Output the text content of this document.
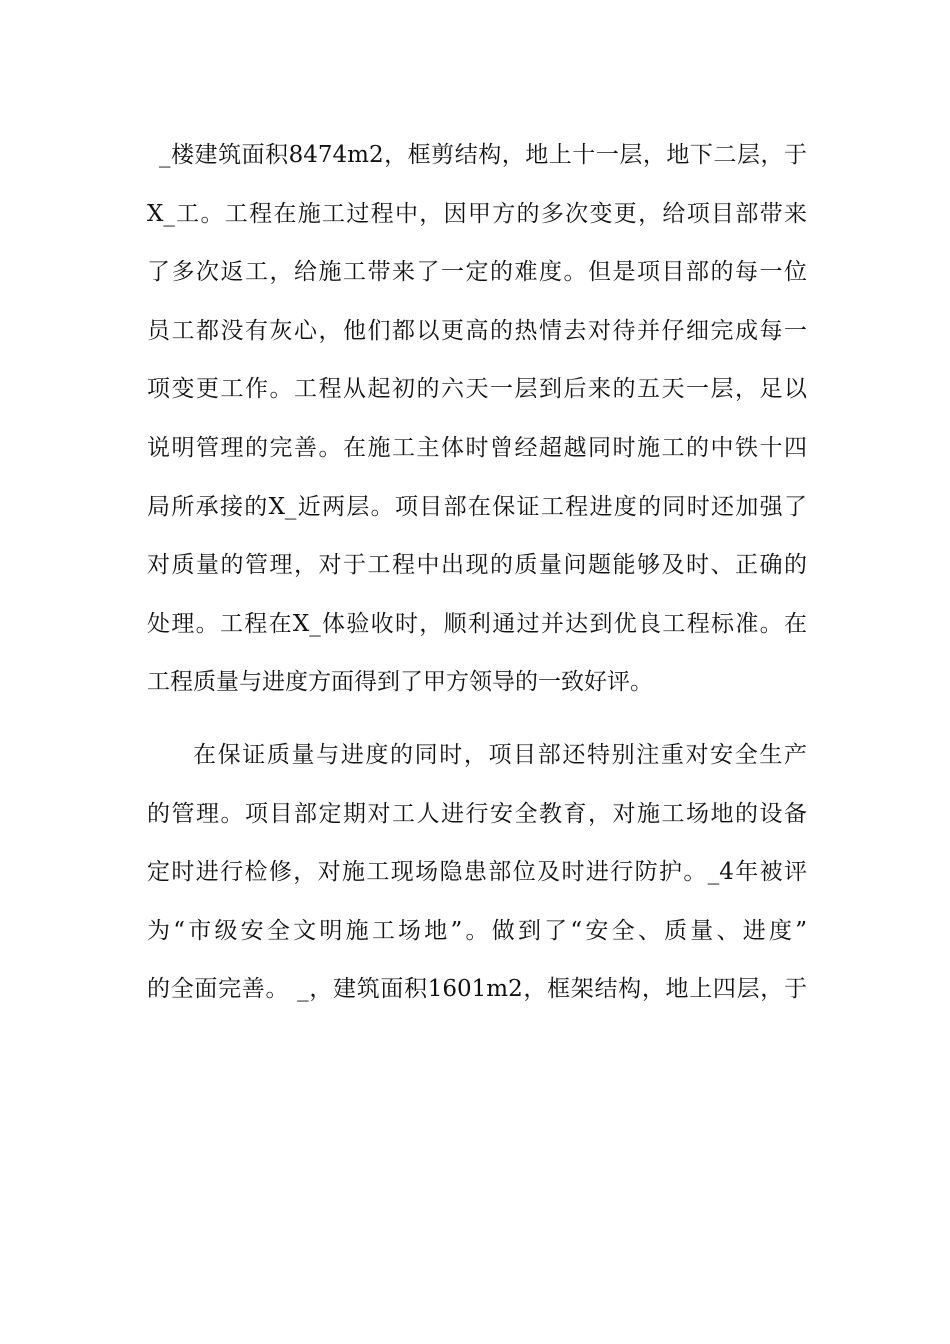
_楼建筑面积8474m2，框剪结构，地上十一层，地下二层，于
X_工。工程在施工过程中，因甲方的多次变更，给项目部带来
了多次返工，给施工带来了一定的难度。但是项目部的每一位
员工都没有灰心，他们都以更高的热情去对待并仔细完成每一
项变更工作。工程从起初的六天一层到后来的五天一层，足以
说明管理的完善。在施工主体时曾经超越同时施工的中铁十四
局所承接的X_近两层。项目部在保证工程进度的同时还加强了
对质量的管理，对于工程中出现的质量问题能够及时、正确的
处理。工程在X_体验收时，顺利通过并达到优良工程标准。在
工程质量与进度方面得到了甲方领导的一致好评。
在保证质量与进度的同时，项目部还特别注重对安全生产
的管理。项目部定期对工人进行安全教育，对施工场地的设备
定时进行检修，对施工现场隐患部位及时进行防护。_4年被评
为“市级安全文明施工场地”。做到了“安全、质量、进度”
的全面完善。 _，建筑面积1601m2，框架结构，地上四层，于
